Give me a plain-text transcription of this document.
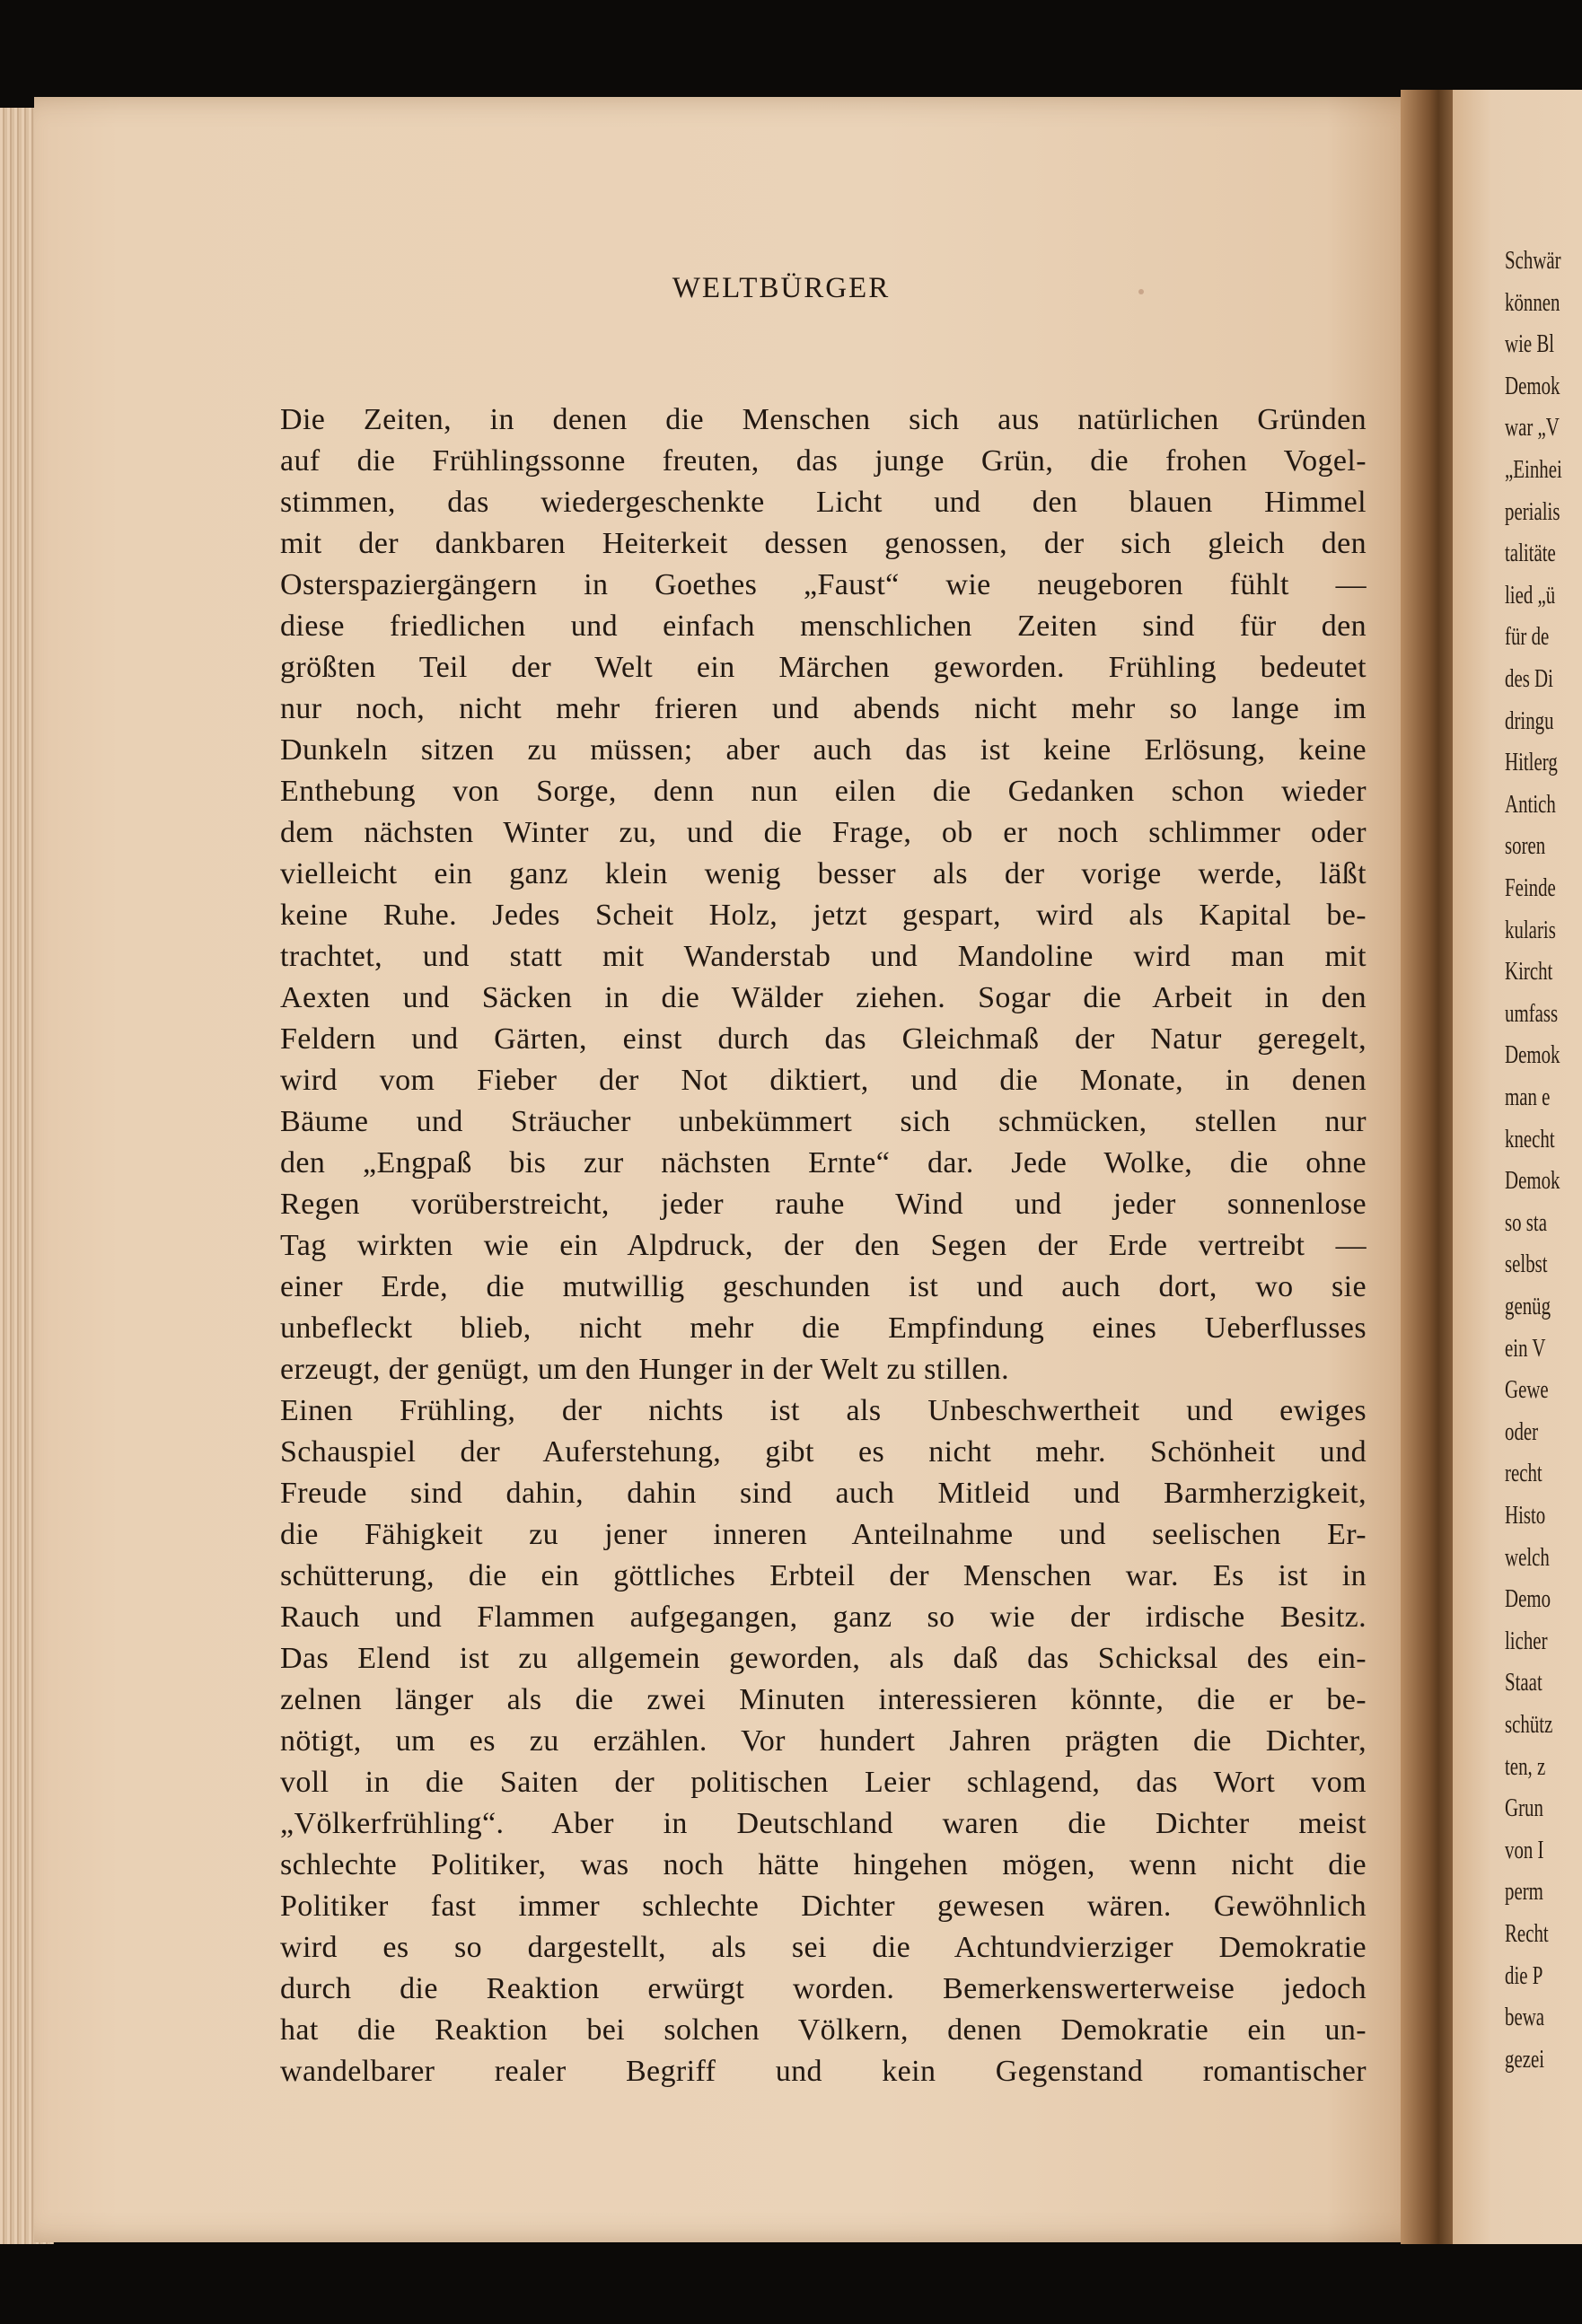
Schwär
können
wie Bl
Demok
war „V
„Einhei
perialis
talitäte
lied „ü
für de
des Di
dringu
Hitlerg
Antich
soren
Feinde
kularis
Kircht
umfass
Demok
man e
knecht
Demok
so sta
selbst
genüg
ein V
Gewe
oder
recht
Histo
welch
Demo
licher
Staat
schütz
ten, z
Grun
von I
perm
Recht
die P
bewa
gezei
WELTBÜRGER
Die Zeiten, in denen die Menschen sich aus natürlichen Gründen
auf die Frühlingssonne freuten, das junge Grün, die frohen Vogel-
stimmen, das wiedergeschenkte Licht und den blauen Himmel
mit der dankbaren Heiterkeit dessen genossen, der sich gleich den
Osterspaziergängern in Goethes „Faust“ wie neugeboren fühlt —
diese friedlichen und einfach menschlichen Zeiten sind für den
größten Teil der Welt ein Märchen geworden. Frühling bedeutet
nur noch, nicht mehr frieren und abends nicht mehr so lange im
Dunkeln sitzen zu müssen; aber auch das ist keine Erlösung, keine
Enthebung von Sorge, denn nun eilen die Gedanken schon wieder
dem nächsten Winter zu, und die Frage, ob er noch schlimmer oder
vielleicht ein ganz klein wenig besser als der vorige werde, läßt
keine Ruhe. Jedes Scheit Holz, jetzt gespart, wird als Kapital be-
trachtet, und statt mit Wanderstab und Mandoline wird man mit
Aexten und Säcken in die Wälder ziehen. Sogar die Arbeit in den
Feldern und Gärten, einst durch das Gleichmaß der Natur geregelt,
wird vom Fieber der Not diktiert, und die Monate, in denen
Bäume und Sträucher unbekümmert sich schmücken, stellen nur
den „Engpaß bis zur nächsten Ernte“ dar. Jede Wolke, die ohne
Regen vorüberstreicht, jeder rauhe Wind und jeder sonnenlose
Tag wirkten wie ein Alpdruck, der den Segen der Erde vertreibt —
einer Erde, die mutwillig geschunden ist und auch dort, wo sie
unbefleckt blieb, nicht mehr die Empfindung eines Ueberflusses
erzeugt, der genügt, um den Hunger in der Welt zu stillen.
Einen Frühling, der nichts ist als Unbeschwertheit und ewiges
Schauspiel der Auferstehung, gibt es nicht mehr. Schönheit und
Freude sind dahin, dahin sind auch Mitleid und Barmherzigkeit,
die Fähigkeit zu jener inneren Anteilnahme und seelischen Er-
schütterung, die ein göttliches Erbteil der Menschen war. Es ist in
Rauch und Flammen aufgegangen, ganz so wie der irdische Besitz.
Das Elend ist zu allgemein geworden, als daß das Schicksal des ein-
zelnen länger als die zwei Minuten interessieren könnte, die er be-
nötigt, um es zu erzählen. Vor hundert Jahren prägten die Dichter,
voll in die Saiten der politischen Leier schlagend, das Wort vom
„Völkerfrühling“. Aber in Deutschland waren die Dichter meist
schlechte Politiker, was noch hätte hingehen mögen, wenn nicht die
Politiker fast immer schlechte Dichter gewesen wären. Gewöhnlich
wird es so dargestellt, als sei die Achtundvierziger Demokratie
durch die Reaktion erwürgt worden. Bemerkenswerterweise jedoch
hat die Reaktion bei solchen Völkern, denen Demokratie ein un-
wandelbarer realer Begriff und kein Gegenstand romantischer
